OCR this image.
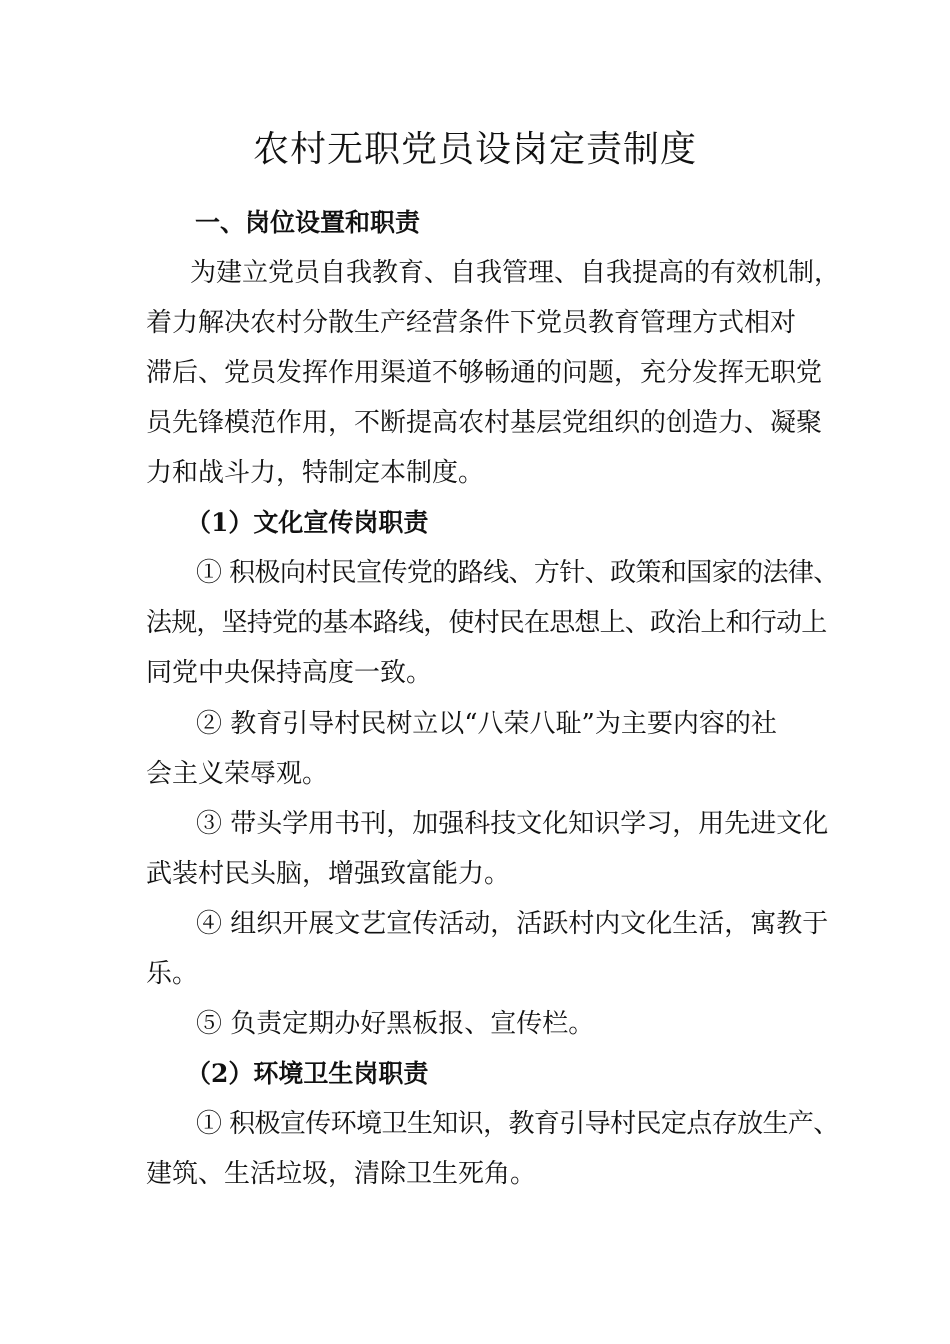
农村无职党员设岗定责制度

一、岗位设置和职责

为建立党员自我教育、自我管理、自我提高的有效机制，

着力解决农村分散生产经营条件下党员教育管理方式相对

滞后、党员发挥作用渠道不够畅通的问题，充分发挥无职党

员先锋模范作用，不断提高农村基层党组织的创造力、凝聚

力和战斗力，特制定本制度。

（1）文化宣传岗职责

① 积极向村民宣传党的路线、方针、政策和国家的法律、

法规，坚持党的基本路线，使村民在思想上、政治上和行动上

同党中央保持高度一致。

② 教育引导村民树立以“八荣八耻”为主要内容的社

会主义荣辱观。

③ 带头学用书刊，加强科技文化知识学习，用先进文化

武装村民头脑，增强致富能力。

④ 组织开展文艺宣传活动，活跃村内文化生活，寓教于

乐。

⑤ 负责定期办好黑板报、宣传栏。

（2）环境卫生岗职责

① 积极宣传环境卫生知识，教育引导村民定点存放生产、

建筑、生活垃圾，清除卫生死角。
